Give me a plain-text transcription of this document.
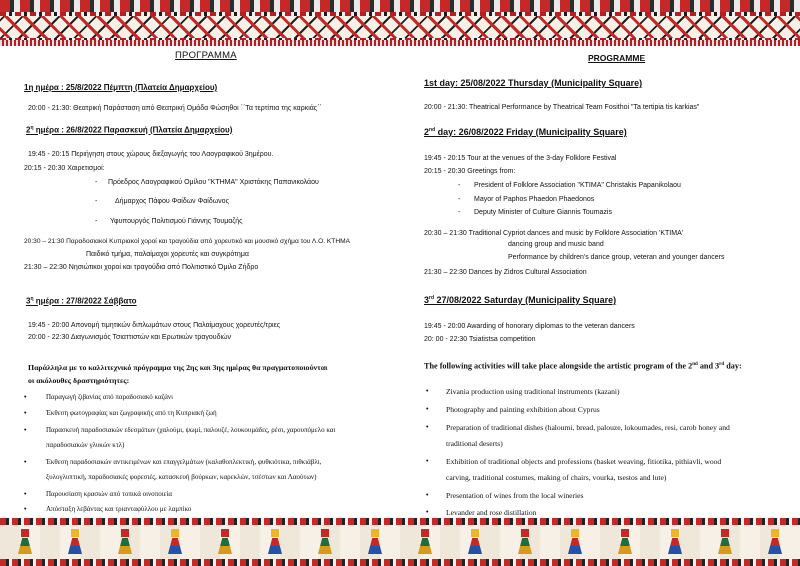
ΠΡΟΓΡΑΜΜΑ
1η ημέρα : 25/8/2022 Πέμπτη (Πλατεία Δημαρχείου)
20:00 - 21:30: Θεατρική Παράσταση από Θεατρική Ομάδα Φώσηθοι ΄΄Τα τερτίπια της καρκιάς΄΄
$2^\eta$ ημέρα : 26/8/2022 Παρασκευή (Πλατεία Δημαρχείου)
19:45 - 20:15 Περιήγηση στους χώρους διεξαγωγής του Λαογραφικού 3ημέρου.
20:15 - 20:30 Χαιρετισμοί:
- Πρόεδρος Λαογραφικού Ομίλου "ΚΤΗΜΑ" Χριστάκης Παπανικολάου
-	Δήμαρχος Πάφου Φαίδων Φαίδωνος
- Υφυπουργός Πολιτισμού Γιάννης Τουμαζής
20:30 – 21:30 Παραδοσιακοί Κυπριακοί χοροί και τραγούδια από χορευτικό και μουσικό σχήμα του Λ.Ο. ΚΤΗΜΑ
Παιδικό τμήμα, παλαίμαχοι χορευτές και συγκρότημα
21:30 – 22:30 Νησιώτικοι χοροί και τραγούδια από Πολιτιστικό Όμιλο Ζήδρο
$3^\eta$ ημέρα : 27/8/2022 Σάββατο
19:45 - 20:00 Απονομή τιμητικών διπλωμάτων στους Παλαίμαχους χορευτές/τριες
20:00 - 22:30 Διαγωνισμός Τσιαττιστών και Ερωτικών τραγουδιών
Παράλληλα με το καλλιτεχνικό πρόγραμμα της 2ης και 3ης ημέρας θα πραγματοποιούνται
οι ακόλουθες δραστηριότητες:
•	Παραγωγή ζιβανίας από παραδοσιακό καζάνι
•	Έκθεση φωτογραφίας και ζωγραφικής από τη Κυπριακή ζωή
•	Παρασκευή παραδοσιακών εδεσμάτων (χαλούμι, ψωμί, παλουζέ, λουκουμάδες, ρέσι, χαρουπόμελο και
παραδοσιακών γλυκών κτλ)
•	Έκθεση παραδοσιακών αντικειμένων και επαγγελμάτων (καλαθοπλεκτική, φυθκιότικα, πιθκιάβλι,
ξυλογλυπτική, παραδοσιακές φορεσιές, κατασκευή βούρκων, καρεκλών, τσέστων και Λαούτων)
•	Παρουσίαση κρασιών από τοπικά οινοποιεία
•	Απόσταξη λεβάντας και τριανταφύλλου με λαμπίκο
PROGRAMME
1st day: 25/08/2022 Thursday (Municipality Square)
20:00 - 21:30: Theatrical Performance by Theatrical Team Fosithoi "Ta tertipia tis karkias"
2nd day: 26/08/2022 Friday (Municipality Square)
19:45 - 20:15 Tour at the venues of the 3-day Folklore Festival
20:15 - 20:30 Greetings from:
- President of Folklore Association "KTIMA" Christakis Papanikolaou
- Mayor of Paphos Phaedon Phaedonos
- Deputy Minister of Culture Giannis Toumazis
20:30 – 21:30 Traditional Cypriot dances and music by Folklore Association 'KTIMA'
dancing group and music band
Performance by children's dance group, veteran and younger dancers
21:30 – 22:30 Dances by Zidros Cultural Association
3rd 27/08/2022 Saturday (Municipality Square)
19:45 - 20:00 Awarding of honorary diplomas to the veteran dancers
20: 00 - 22:30 Tsiatistsa competition
The following activities will take place alongside the artistic program of the 2nd and 3rd day:
• Zivania production using traditional instruments (kazani)
• Photography and painting exhibition about Cyprus
• Preparation of traditional dishes (haloumi, bread, palouze, lokoumades, resi, carob honey and
traditional deserts)
• Exhibition of traditional objects and professions (basket weaving, fitiotika, pithiavli, wood
carving, traditional costumes, making of chairs, vourka, tsestos and lute)
• Presentation of wines from the local wineries
• Levander and rose distillation
